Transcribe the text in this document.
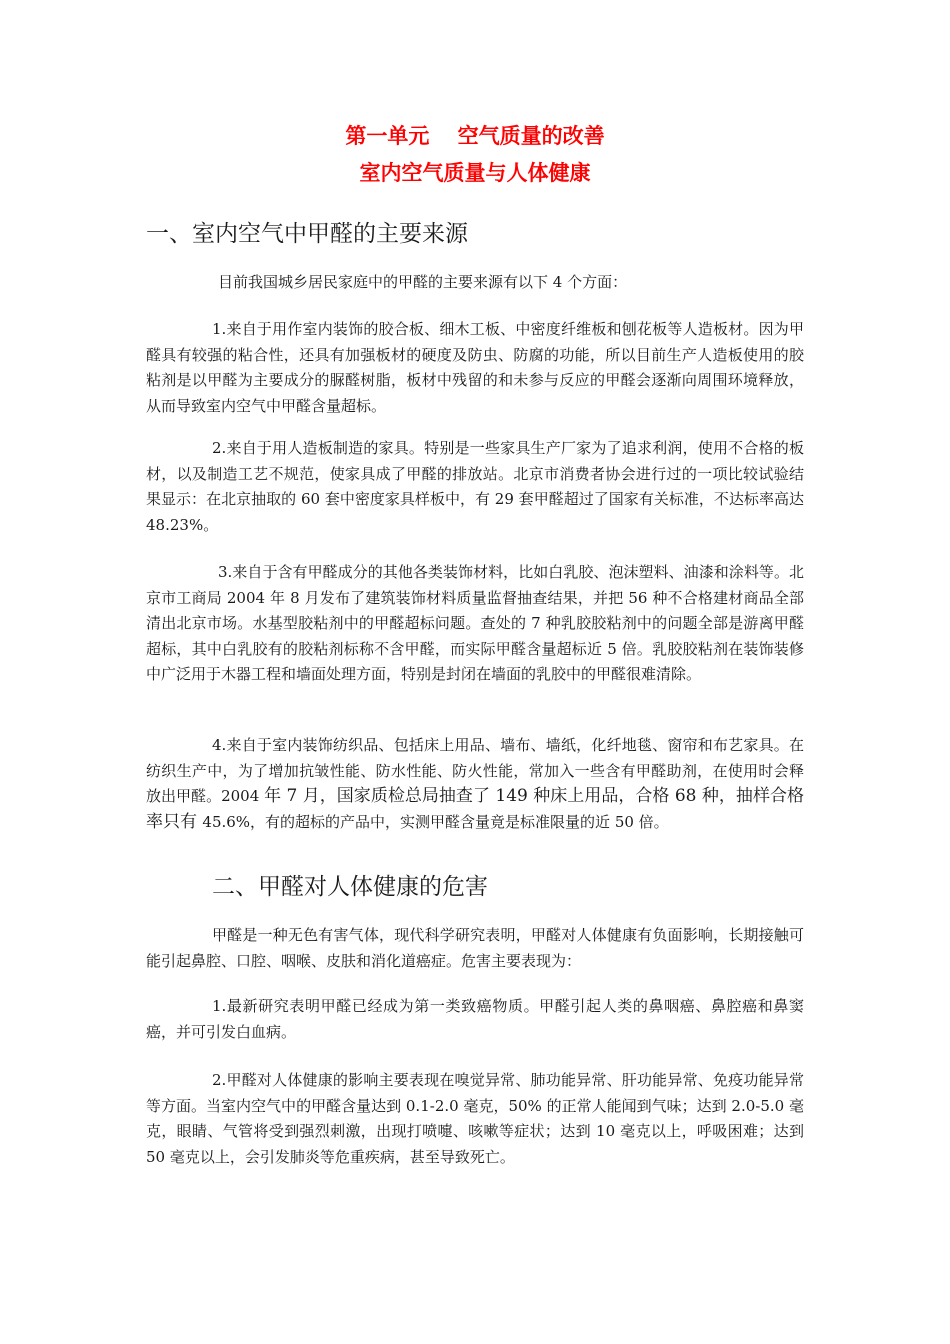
第一单元　 空气质量的改善
室内空气质量与人体健康
一、室内空气中甲醛的主要来源

目前我国城乡居民家庭中的甲醛的主要来源有以下 4 个方面：

1.来自于用作室内装饰的胶合板、细木工板、中密度纤维板和刨花板等人造板材。因为甲醛具有较强的粘合性，还具有加强板材的硬度及防虫、防腐的功能，所以目前生产人造板使用的胶粘剂是以甲醛为主要成分的脲醛树脂，板材中残留的和未参与反应的甲醛会逐渐向周围环境释放，从而导致室内空气中甲醛含量超标。

2.来自于用人造板制造的家具。特别是一些家具生产厂家为了追求利润，使用不合格的板材，以及制造工艺不规范，使家具成了甲醛的排放站。北京市消费者协会进行过的一项比较试验结果显示：在北京抽取的 60 套中密度家具样板中，有 29 套甲醛超过了国家有关标准，不达标率高达 48.23%。

3.来自于含有甲醛成分的其他各类装饰材料，比如白乳胶、泡沫塑料、油漆和涂料等。北京市工商局 2004 年 8 月发布了建筑装饰材料质量监督抽查结果，并把 56 种不合格建材商品全部清出北京市场。水基型胶粘剂中的甲醛超标问题。查处的 7 种乳胶胶粘剂中的问题全部是游离甲醛超标，其中白乳胶有的胶粘剂标称不含甲醛，而实际甲醛含量超标近 5 倍。乳胶胶粘剂在装饰装修中广泛用于木器工程和墙面处理方面，特别是封闭在墙面的乳胶中的甲醛很难清除。

4.来自于室内装饰纺织品、包括床上用品、墙布、墙纸，化纤地毯、窗帘和布艺家具。在纺织生产中，为了增加抗皱性能、防水性能、防火性能，常加入一些含有甲醛助剂，在使用时会释放出甲醛。2004 年 7 月，国家质检总局抽查了 149 种床上用品，合格 68 种，抽样合格率只有 45.6%，有的超标的产品中，实测甲醛含量竟是标准限量的近 50 倍。

二、甲醛对人体健康的危害

甲醛是一种无色有害气体，现代科学研究表明，甲醛对人体健康有负面影响，长期接触可能引起鼻腔、口腔、咽喉、皮肤和消化道癌症。危害主要表现为：

1.最新研究表明甲醛已经成为第一类致癌物质。甲醛引起人类的鼻咽癌、鼻腔癌和鼻窦癌，并可引发白血病。

2.甲醛对人体健康的影响主要表现在嗅觉异常、肺功能异常、肝功能异常、免疫功能异常等方面。当室内空气中的甲醛含量达到 0.1-2.0 毫克，50% 的正常人能闻到气味；达到 2.0-5.0 毫克，眼睛、气管将受到强烈刺激，出现打喷嚏、咳嗽等症状；达到 10 毫克以上，呼吸困难；达到 50 毫克以上，会引发肺炎等危重疾病，甚至导致死亡。
